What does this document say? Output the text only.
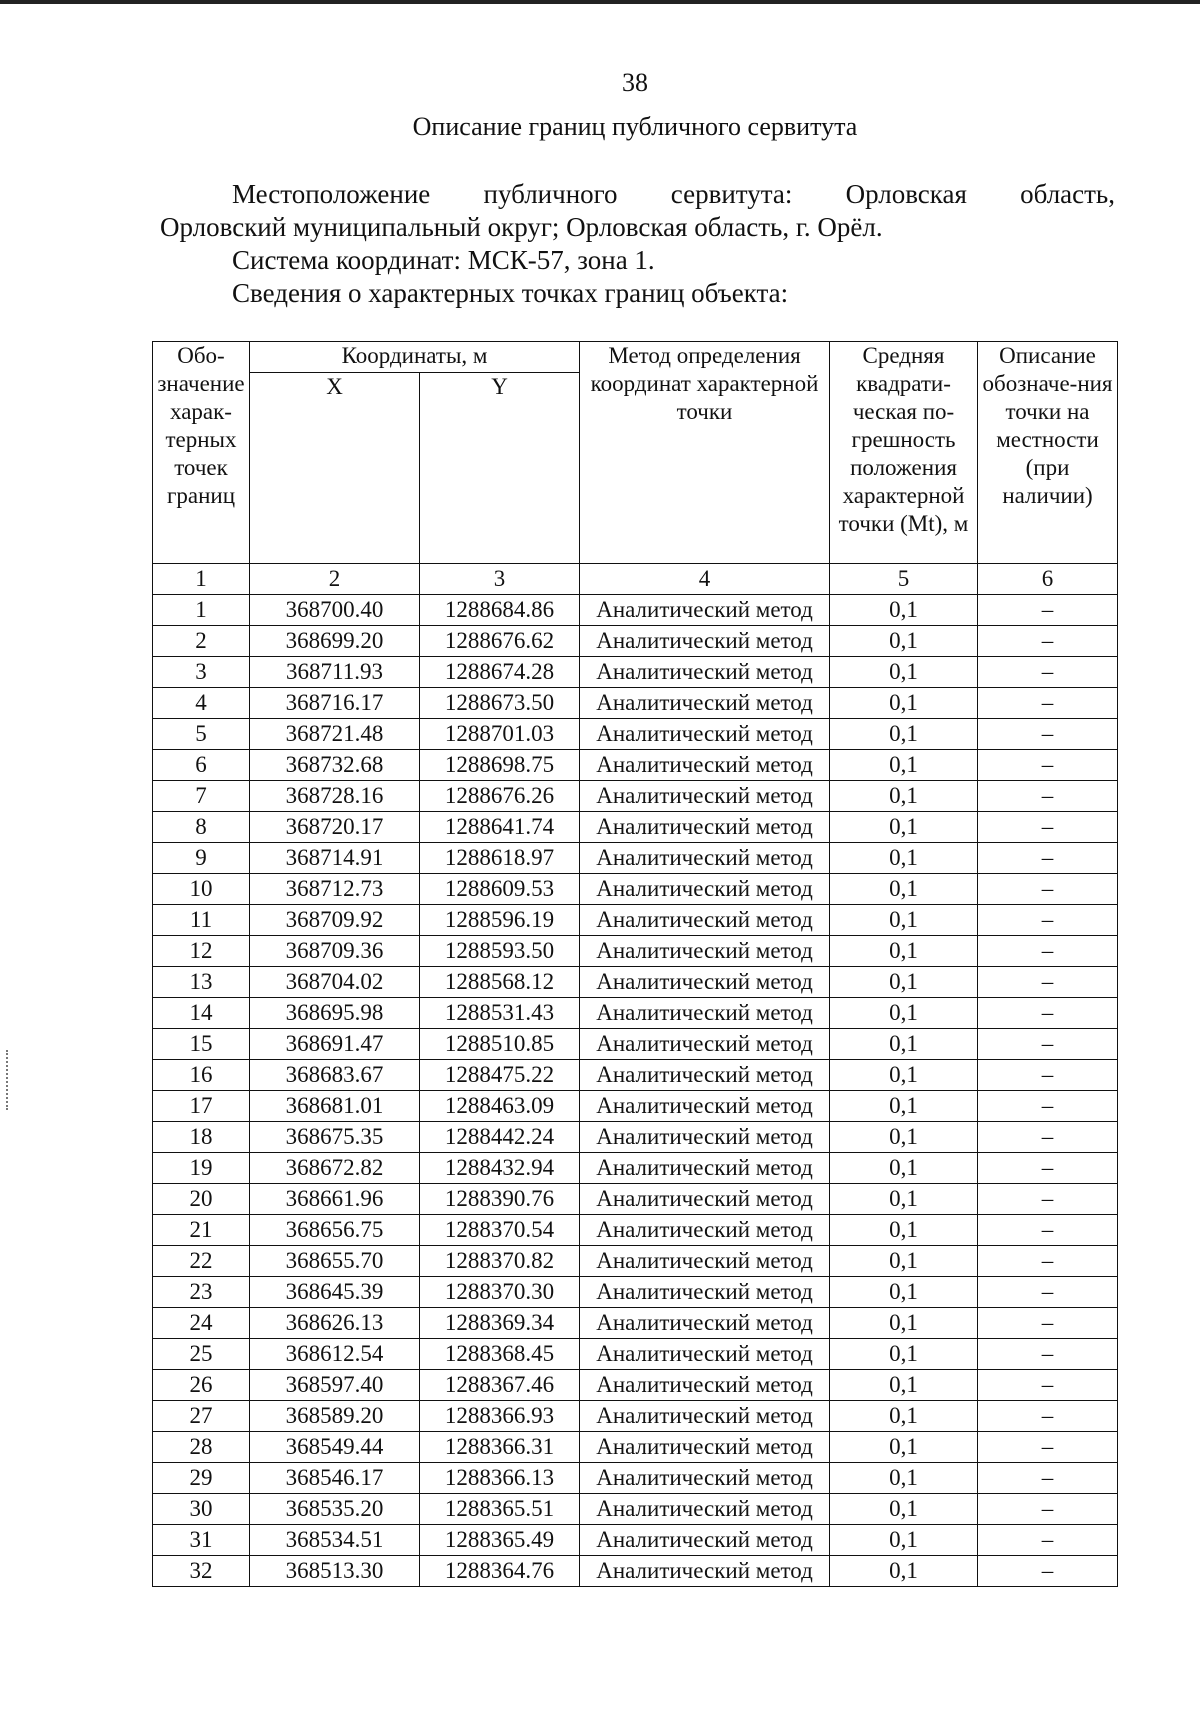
38
Описание границ публичного сервитута

Местоположение публичного сервитута: Орловская область,

Орловский муниципальный округ; Орловская область, г. Орёл.

Система координат: МСК-57, зона 1.

Сведения о характерных точках границ объекта:

Обо-значение харак-терных точек границ	Координаты, м		Метод определения координат характерной точки	Средняя квадрати-ческая по-грешность положения характерной точки (Mt), м	Описание обозначе-ния точки на местности (при наличии)

	X	Y			
1	2	3	4	5	6
1	368700.40	1288684.86	Аналитический метод	0,1	–
2	368699.20	1288676.62	Аналитический метод	0,1	–
3	368711.93	1288674.28	Аналитический метод	0,1	–
4	368716.17	1288673.50	Аналитический метод	0,1	–
5	368721.48	1288701.03	Аналитический метод	0,1	–
6	368732.68	1288698.75	Аналитический метод	0,1	–
7	368728.16	1288676.26	Аналитический метод	0,1	–
8	368720.17	1288641.74	Аналитический метод	0,1	–
9	368714.91	1288618.97	Аналитический метод	0,1	–
10	368712.73	1288609.53	Аналитический метод	0,1	–
11	368709.92	1288596.19	Аналитический метод	0,1	–
12	368709.36	1288593.50	Аналитический метод	0,1	–
13	368704.02	1288568.12	Аналитический метод	0,1	–
14	368695.98	1288531.43	Аналитический метод	0,1	–
15	368691.47	1288510.85	Аналитический метод	0,1	–
16	368683.67	1288475.22	Аналитический метод	0,1	–
17	368681.01	1288463.09	Аналитический метод	0,1	–
18	368675.35	1288442.24	Аналитический метод	0,1	–
19	368672.82	1288432.94	Аналитический метод	0,1	–
20	368661.96	1288390.76	Аналитический метод	0,1	–
21	368656.75	1288370.54	Аналитический метод	0,1	–
22	368655.70	1288370.82	Аналитический метод	0,1	–
23	368645.39	1288370.30	Аналитический метод	0,1	–
24	368626.13	1288369.34	Аналитический метод	0,1	–
25	368612.54	1288368.45	Аналитический метод	0,1	–
26	368597.40	1288367.46	Аналитический метод	0,1	–
27	368589.20	1288366.93	Аналитический метод	0,1	–
28	368549.44	1288366.31	Аналитический метод	0,1	–
29	368546.17	1288366.13	Аналитический метод	0,1	–
30	368535.20	1288365.51	Аналитический метод	0,1	–
31	368534.51	1288365.49	Аналитический метод	0,1	–
32	368513.30	1288364.76	Аналитический метод	0,1	–
